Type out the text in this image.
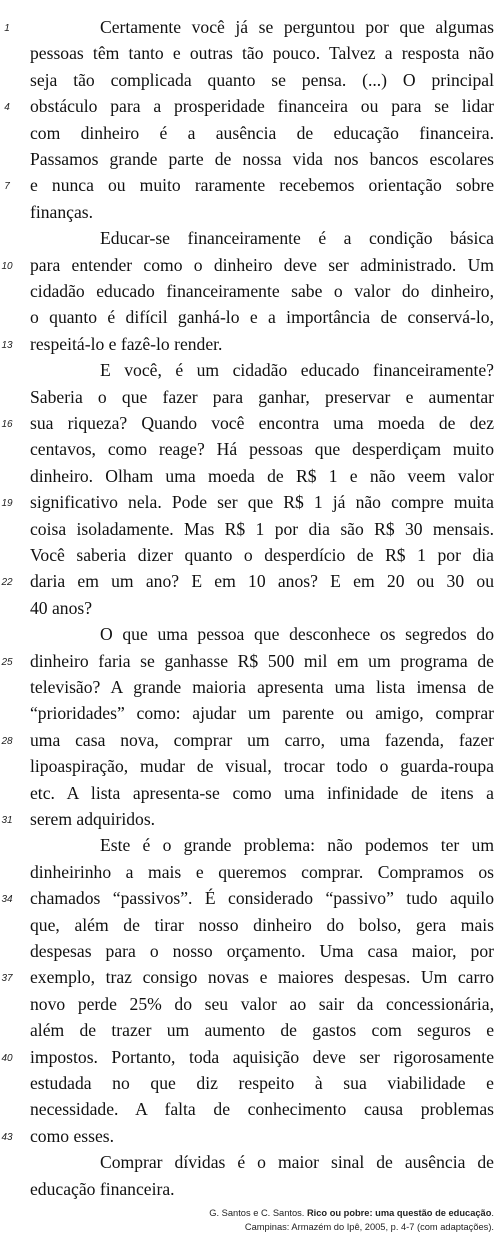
Certamente você já se perguntou por que algumas
1
pessoas têm tanto e outras tão pouco. Talvez a resposta não
seja tão complicada quanto se pensa. (...) O principal
obstáculo para a prosperidade financeira ou para se lidar
4
com dinheiro é a ausência de educação financeira.
Passamos grande parte de nossa vida nos bancos escolares
e nunca ou muito raramente recebemos orientação sobre
7
finanças.
Educar-se financeiramente é a condição básica
para entender como o dinheiro deve ser administrado. Um
10
cidadão educado financeiramente sabe o valor do dinheiro,
o quanto é difícil ganhá-lo e a importância de conservá-lo,
respeitá-lo e fazê-lo render.
13
E você, é um cidadão educado financeiramente?
Saberia o que fazer para ganhar, preservar e aumentar
sua riqueza? Quando você encontra uma moeda de dez
16
centavos, como reage? Há pessoas que desperdiçam muito
dinheiro. Olham uma moeda de R$ 1 e não veem valor
significativo nela. Pode ser que R$ 1 já não compre muita
19
coisa isoladamente. Mas R$ 1 por dia são R$ 30 mensais.
Você saberia dizer quanto o desperdício de R$ 1 por dia
daria em um ano? E em 10 anos? E em 20 ou 30 ou
22
40 anos?
O que uma pessoa que desconhece os segredos do
dinheiro faria se ganhasse R$ 500 mil em um programa de
25
televisão? A grande maioria apresenta uma lista imensa de
“prioridades” como: ajudar um parente ou amigo, comprar
uma casa nova, comprar um carro, uma fazenda, fazer
28
lipoaspiração, mudar de visual, trocar todo o guarda-roupa
etc. A lista apresenta-se como uma infinidade de itens a
serem adquiridos.
31
Este é o grande problema: não podemos ter um
dinheirinho a mais e queremos comprar. Compramos os
chamados “passivos”. É considerado “passivo” tudo aquilo
34
que, além de tirar nosso dinheiro do bolso, gera mais
despesas para o nosso orçamento. Uma casa maior, por
exemplo, traz consigo novas e maiores despesas. Um carro
37
novo perde 25% do seu valor ao sair da concessionária,
além de trazer um aumento de gastos com seguros e
impostos. Portanto, toda aquisição deve ser rigorosamente
40
estudada no que diz respeito à sua viabilidade e
necessidade. A falta de conhecimento causa problemas
como esses.
43
Comprar dívidas é o maior sinal de ausência de
educação financeira.
G. Santos e C. Santos. Rico ou pobre: uma questão de educação.
Campinas: Armazém do Ipê, 2005, p. 4-7 (com adaptações).
